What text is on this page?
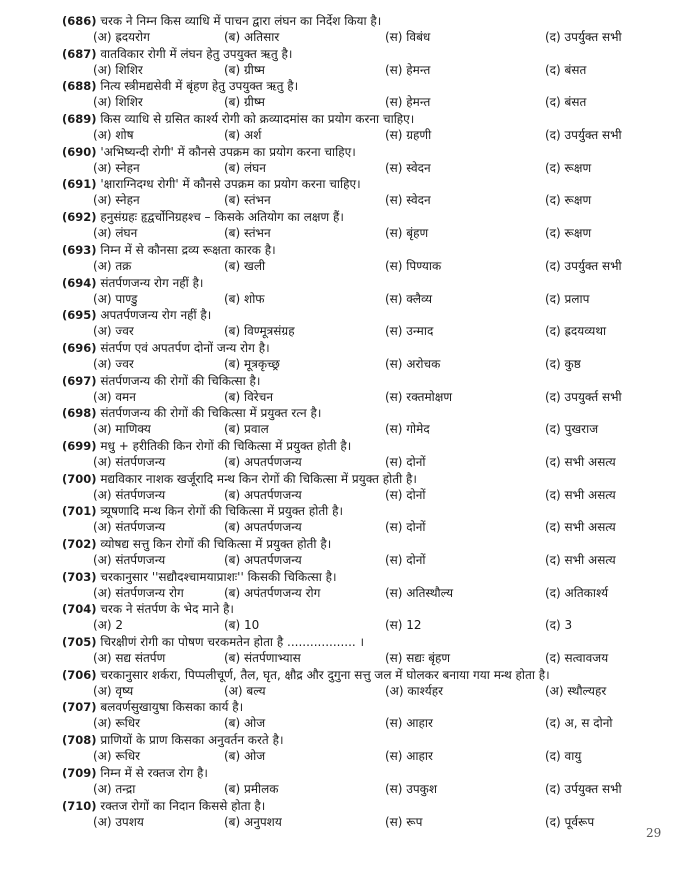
(686) चरक ने निम्न किस व्याधि में पाचन द्वारा लंघन का निर्देश किया है।
(अ) ह्रदयरोग	(ब) अतिसार	(स) विबंध	(द) उपर्युक्त सभी
(687) वातविकार रोगी में लंघन हेतु उपयुक्त ऋतु है।
(अ) शिशिर	(ब) ग्रीष्म	(स) हेमन्त	(द) बंसत
(688) नित्य स्त्रीमद्यसेवी में बृंहण हेतु उपयुक्त ऋतु है।
(अ) शिशिर	(ब) ग्रीष्म	(स) हेमन्त	(द) बंसत
(689) किस व्याधि से ग्रसित कार्श्य रोगी को क्रव्यादमांस का प्रयोग करना चाहिए।
(अ) शोष	(ब) अर्श	(स) ग्रहणी	(द) उपर्युक्त सभी
(690) 'अभिष्यन्दी रोगी' में कौनसे उपक्रम का प्रयोग करना चाहिए।
(अ) स्नेहन	(ब) लंघन	(स) स्वेदन	(द) रूक्षण
(691) 'क्षाराग्निदग्ध रोगी' में कौनसे उपक्रम का प्रयोग करना चाहिए।
(अ) स्नेहन	(ब) स्तंभन	(स) स्वेदन	(द) रूक्षण
(692) हनुसंग्रहः हृद्वर्चोनिग्रहश्च – किसके अतियोग का लक्षण हैं।
(अ) लंघन	(ब) स्तंभन	(स) बृंहण	(द) रूक्षण
(693) निम्न में से कौनसा द्रव्य रूक्षता कारक है।
(अ) तक्र	(ब) खली	(स) पिण्याक	(द) उपर्युक्त सभी
(694) संतर्पणजन्य रोग नहीं है।
(अ) पाण्डु	(ब) शोफ	(स) क्लैव्य	(द) प्रलाप
(695) अपतर्पणजन्य रोग नहीं है।
(अ) ज्वर	(ब) विण्मूत्रसंग्रह	(स) उन्माद	(द) ह्रदयव्यथा
(696) संतर्पण एवं अपतर्पण दोनों जन्य रोग है।
(अ) ज्वर	(ब) मूत्रकृच्छ्र	(स) अरोचक	(द) कुष्ठ
(697) संतर्पणजन्य की रोगों की चिकित्सा है।
(अ) वमन	(ब) विरेचन	(स) रक्तमोक्षण	(द) उपयुर्क्त सभी
(698) संतर्पणजन्य की रोगों की चिकित्सा में प्रयुक्त रत्न है।
(अ) माणिक्य	(ब) प्रवाल	(स) गोमेद	(द) पुखराज
(699) मधु + हरीतिकी किन रोगों की चिकित्सा में प्रयुक्त होती है।
(अ) संतर्पणजन्य	(ब) अपतर्पणजन्य	(स) दोनों	(द) सभी असत्य
(700) मद्यविकार नाशक खर्जूरादि मन्थ किन रोगों की चिकित्सा में प्रयुक्त होती है।
(अ) संतर्पणजन्य	(ब) अपतर्पणजन्य	(स) दोनों	(द) सभी असत्य
(701) त्र्यूषणादि मन्थ किन रोगों की चिकित्सा में प्रयुक्त होती है।
(अ) संतर्पणजन्य	(ब) अपतर्पणजन्य	(स) दोनों	(द) सभी असत्य
(702) व्योषद्य सत्तु किन रोगों की चिकित्सा में प्रयुक्त होती है।
(अ) संतर्पणजन्य	(ब) अपतर्पणजन्य	(स) दोनों	(द) सभी असत्य
(703) चरकानुसार ''सद्यौदश्चामयाप्राशः'' किसकी चिकित्सा है।
(अ) संतर्पणजन्य रोग	(ब) अपंतर्पणजन्य रोग	(स) अतिस्थौल्य	(द) अतिकार्श्य
(704) चरक ने संतर्पण के भेद माने है।
(अ) 2	(ब) 10	(स) 12	(द) 3
(705) चिरक्षीणं रोगी का पोषण चरकमतेन होता है .................. ।
(अ) सद्य संतर्पण	(ब) संतर्पणाभ्यास	(स) सद्यः बृंहण	(द) सत्वावजय
(706) चरकानुसार शर्करा, पिप्पलीचूर्ण, तैल, घृत, क्षौद्र और दुगुना सत्तु जल में घोलकर बनाया गया मन्थ होता है।
(अ) वृष्य	(अ) बल्य	(अ) कार्श्यहर	(अ) स्थौल्यहर
(707) बलवर्णसुखायुषा किसका कार्य है।
(अ) रूधिर	(ब) ओज	(स) आहार	(द) अ, स दोनो
(708) प्राणियों के प्राण किसका अनुवर्तन करते है।
(अ) रूधिर	(ब) ओज	(स) आहार	(द) वायु
(709) निम्न में से रक्तज रोग है।
(अ) तन्द्रा	(ब) प्रमीलक	(स) उपकुश	(द) उर्पयुक्त सभी
(710) रक्तज रोगों का निदान किससे होता है।
(अ) उपशय	(ब) अनुपशय	(स) रूप	(द) पूर्वरूप
29
